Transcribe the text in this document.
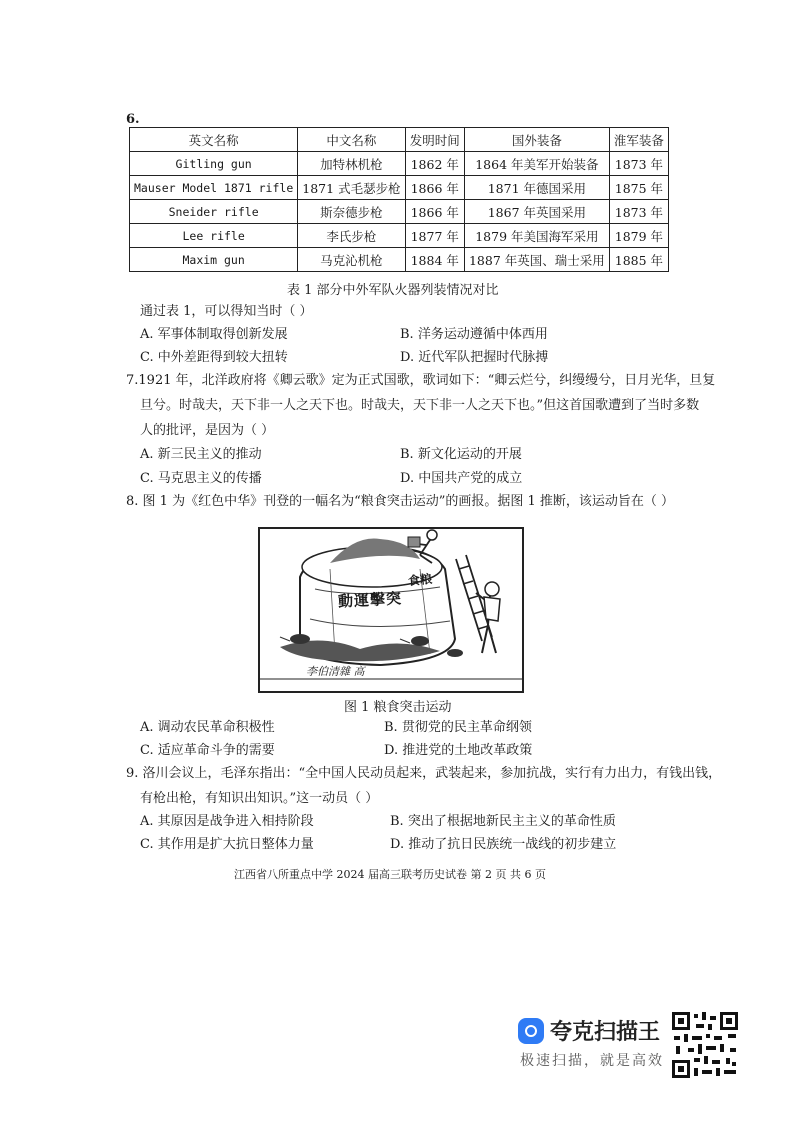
6.
英文名称	中文名称	发明时间	国外装备	淮军装备
Gitling gun	加特林机枪	1862 年	1864 年美军开始装备	1873 年
Mauser Model 1871 rifle	1871 式毛瑟步枪	1866 年	1871 年德国采用	1875 年
Sneider rifle	斯奈德步枪	1866 年	1867 年英国采用	1873 年
Lee rifle	李氏步枪	1877 年	1879 年美国海军采用	1879 年
Maxim gun	马克沁机枪	1884 年	1887 年英国、瑞士采用	1885 年
表 1 部分中外军队火器列装情况对比
通过表 1，可以得知当时（ ）
A. 军事体制取得创新发展	B. 洋务运动遵循中体西用
C. 中外差距得到较大扭转	D. 近代军队把握时代脉搏
7.1921 年，北洋政府将《卿云歌》定为正式国歌，歌词如下：“卿云烂兮，纠缦缦兮，日月光华，旦复
旦兮。时哉夫，天下非一人之天下也。时哉夫，天下非一人之天下也。”但这首国歌遭到了当时多数
人的批评，是因为（ ）
A. 新三民主义的推动	B. 新文化运动的开展
C. 马克思主义的传播	D. 中国共产党的成立
8. 图 1 为《红色中华》刊登的一幅名为“粮食突击运动”的画报。据图 1 推断，该运动旨在（ ）
食粮
動運擊突
李伯清雜 高
图 1 粮食突击运动
A. 调动农民革命积极性	B. 贯彻党的民主革命纲领
C. 适应革命斗争的需要	D. 推进党的土地改革政策
9. 洛川会议上，毛泽东指出：“全中国人民动员起来，武装起来，参加抗战，实行有力出力，有钱出钱，
有枪出枪，有知识出知识。”这一动员（ ）
A. 其原因是战争进入相持阶段	B. 突出了根据地新民主主义的革命性质
C. 其作用是扩大抗日整体力量	D. 推动了抗日民族统一战线的初步建立
江西省八所重点中学 2024 届高三联考历史试卷 第 2 页 共 6 页
夸克扫描王
极速扫描，就是高效
